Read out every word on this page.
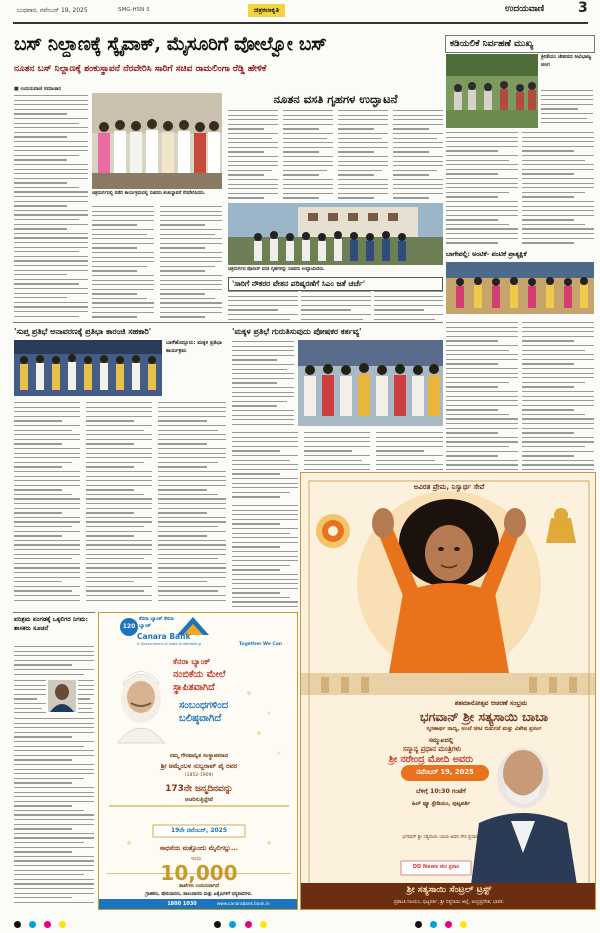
ಬುಧವಾರ, ನವೆಂಬರ್ 19, 2025	SMG-HSN 3	ಚಿತ್ರಕಲಾಕೃತಿ	ಉದಯವಾಣಿ 3
ಬಸ್‌ ನಿಲ್ದಾಣಕ್ಕೆ ಸ್ಕೈವಾಕ್, ಮೈಸೂರಿಗೆ ವೋಲ್ವೋ ಬಸ್
ನೂತನ ಬಸ್ ನಿಲ್ದಾಣಕ್ಕೆ ಶಂಕುಸ್ಥಾಪನೆ ನೆರವೇರಿಸಿ ಸಾರಿಗೆ ಸಚಿವ ರಾಮಲಿಂಗಾ ರೆಡ್ಡಿ ಹೇಳಿಕೆ
ಕಡಿಯಲಿಕೆ ನಿರ್ವಹಣೆ ಮುಖ್ಯ
ಕ್ರೀಡೆಯು ಜೀವನದ ಅವಿಭಾಜ್ಯ ಅಂಗ
■ ಉದಯವಾಣಿ ಸಮಾಚಾರ
ಚಿತ್ರದುರ್ಗದಲ್ಲಿ ನಡೆದ ಕಾರ್ಯಕ್ರಮದಲ್ಲಿ ಸಚಿವರು ಶಂಕುಸ್ಥಾಪನೆ ನೆರವೇರಿಸಿದರು.
ನೂತನ ವಸತಿ ಗೃಹಗಳ ಉದ್ಘಾಟನೆ
ಚಿತ್ರದುರ್ಗದ ಪೊಲೀಸ್ ವಸತಿ ಗೃಹಗಳನ್ನು ಸಚಿವರು ಉದ್ಘಾಟಿಸಿದರು.
'ಸಾರಿಗೆ ನೌಕರರ ವೇತನ ಪರಿಷ್ಕರಣೆಗೆ ಸಿಎಂ ಜತೆ ಚರ್ಚೆ'
ಬಾಗೇಪಲ್ಲಿ: ಅಂಟಿಕೆ- ಪಂಟಿಕೆ ಪ್ರಾತ್ಯಕ್ಷಿಕೆ
'ಸುಪ್ತ ಪ್ರತಿಭೆ ಅನಾವರಣಕ್ಕೆ ಪ್ರತಿಭಾ ಕಾರಂಜಿ ಸಹಕಾರಿ'
ಬಾಳೆಹೊನ್ನೂರು: ಮಕ್ಕಳ ಪ್ರತಿಭಾ ಕಾರ್ಯಕ್ರಮ
'ಮಕ್ಕಳ ಪ್ರತಿಭೆ ಗುರುತಿಸುವುದು ಪೋಷಕರ ಕರ್ತವ್ಯ'
ಅವಿರತ ಪ್ರೇಮ, ನಿಸ್ವಾರ್ಥ ಸೇವೆ
ಶತಮಾನೋತ್ಸವ ಆಚರಣೆ ಸಂಭ್ರಮ
ಭಗವಾನ್ ಶ್ರೀ ಸತ್ಯಸಾಯಿ ಬಾಬಾ
ಸ್ಮರಣಾರ್ಥ ನಾಣ್ಯ, ಅಂಚೆ ಚೀಟಿ ಬಿಡುಗಡೆ ಮತ್ತು ವಿಶೇಷ ಪ್ರಸಂಗ
ಸಮ್ಮುಖದಲ್ಲಿ
ಸನ್ಮಾನ್ಯ ಪ್ರಧಾನ ಮಂತ್ರಿಗಳು
ಶ್ರೀ ನರೇಂದ್ರ ಮೋದಿ ಅವರು
ನವೆಂಬರ್ 19, 2025
ಬೆಳಿಗ್ಗೆ 10:30 ಗಂಟೆಗೆ
ಹಿಲ್ ವ್ಯೂ ಸ್ಟೇಡಿಯಂ, ಪುಟ್ಟಪರ್ತಿ
ಭಗವಾನ್ ಶ್ರೀ ಸತ್ಯಸಾಯಿ ಬಾಬಾ ಅವರ ನೇರ ಪ್ರಸಾರ
DD News ನೇರ ಪ್ರಸಾರ
ಶ್ರೀ ಸತ್ಯಸಾಯಿ ಸೆಂಟ್ರಲ್ ಟ್ರಸ್ಟ್
ಪ್ರಶಾಂತಿ ನಿಲಯಂ, ಪುಟ್ಟಪರ್ತಿ, ಶ್ರೀ ಸತ್ಯಸಾಯಿ ಜಿಲ್ಲೆ, ಆಂಧ್ರಪ್ರದೇಶ, ಭಾರತ.
ಪರಿಶ್ರಮ ಪಂಗಡಕ್ಕೆ ಒಕ್ಕಲಿಗರ ನಿಗಮ: ಶಾಸಕರು ಸೂಚನೆ	120
ಕೆನರಾ ಬ್ಯಾಂಕ್ ಕೆನರಾ ಬ್ಯಾಂಕ್
Canara Bank
A Government of India Undertaking	Together We Can
ಕೆನರಾ ಬ್ಯಾಂಕ್
ನಂಬಿಕೆಯ ಮೇಲೆ
ಸ್ಥಾಪಿತವಾಗಿದೆ
ಸಂಬಂಧಗಳಿಂದ
ಬಲಿಷ್ಠವಾಗಿದೆ
ನಮ್ಮ ಗೌರವಾನ್ವಿತ ಸಂಸ್ಥಾಪಕರಾದ
ಶ್ರೀ ಅಮ್ಮೆಂಬಳ ಸುಬ್ಬರಾವ್ ಪೈ ರವರ
(1852-1909)
173ನೇ ಜನ್ಮದಿನವನ್ನು
ಆಚರಿಸುತ್ತಿದ್ದೇವೆ
19ನೇ ನವೆಂಬರ್, 2025
ಸಾಧನೆಯ ಮತ್ತೊಂದು ಮೈಲಿಗಲ್ಲು...
ಇಂದು
10,000
ಶಾಖೆಗಳು ಉದಯವಾಗಿದೆ
ಗ್ರಾಹಕರು, ಷೇರುದಾರರು, ಪಾಲುದಾರರು ಮತ್ತು ಹಿತೈಷಿಗಳಿಗೆ ಧನ್ಯವಾದಗಳು.
1800 1030	www.canarabank.bank.in
